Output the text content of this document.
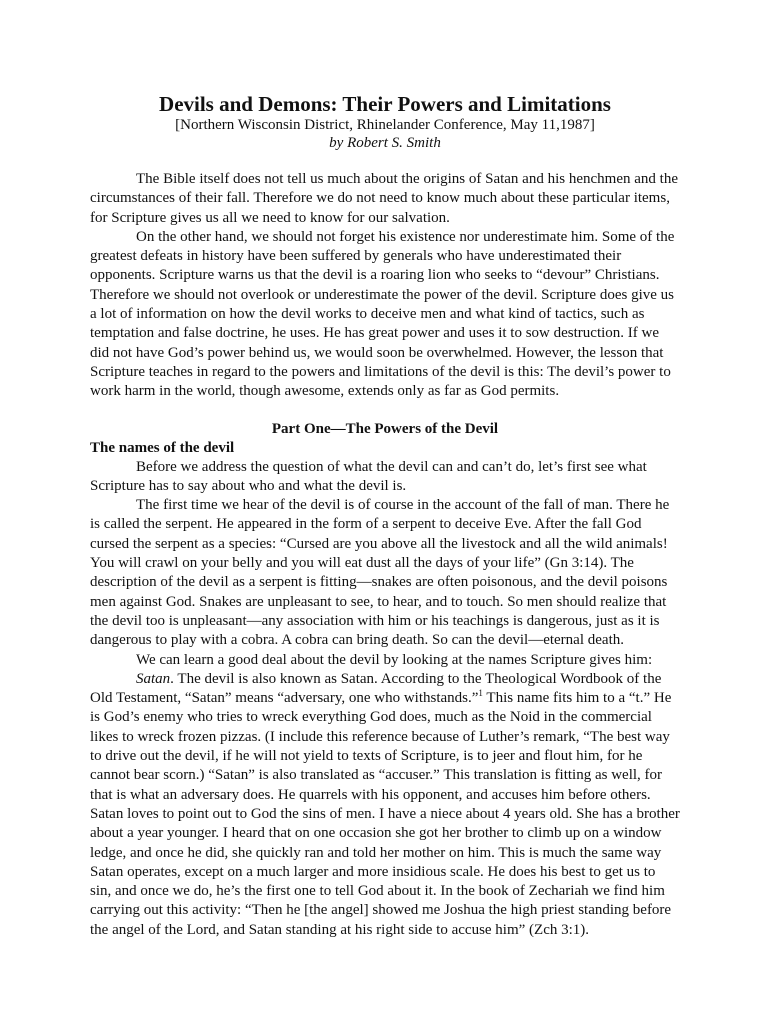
Devils and Demons: Their Powers and Limitations

[Northern Wisconsin District, Rhinelander Conference, May 11,1987]

by Robert S. Smith

The Bible itself does not tell us much about the origins of Satan and his henchmen and the circumstances of their fall. Therefore we do not need to know much about these particular items, for Scripture gives us all we need to know for our salvation.

On the other hand, we should not forget his existence nor underestimate him. Some of the greatest defeats in history have been suffered by generals who have underestimated their opponents. Scripture warns us that the devil is a roaring lion who seeks to “devour” Christians. Therefore we should not overlook or underestimate the power of the devil. Scripture does give us a lot of information on how the devil works to deceive men and what kind of tactics, such as temptation and false doctrine, he uses. He has great power and uses it to sow destruction. If we did not have God’s power behind us, we would soon be overwhelmed. However, the lesson that Scripture teaches in regard to the powers and limitations of the devil is this: The devil’s power to work harm in the world, though awesome, extends only as far as God permits.

Part One—The Powers of the Devil

The names of the devil

Before we address the question of what the devil can and can’t do, let’s first see what Scripture has to say about who and what the devil is.

The first time we hear of the devil is of course in the account of the fall of man. There he is called the serpent. He appeared in the form of a serpent to deceive Eve. After the fall God cursed the serpent as a species: “Cursed are you above all the livestock and all the wild animals! You will crawl on your belly and you will eat dust all the days of your life” (Gn 3:14). The description of the devil as a serpent is fitting—snakes are often poisonous, and the devil poisons men against God. Snakes are unpleasant to see, to hear, and to touch. So men should realize that the devil too is unpleasant—any association with him or his teachings is dangerous, just as it is dangerous to play with a cobra. A cobra can bring death. So can the devil—eternal death.

We can learn a good deal about the devil by looking at the names Scripture gives him:

Satan. The devil is also known as Satan. According to the Theological Wordbook of the Old Testament, “Satan” means “adversary, one who withstands.”$^1$ This name fits him to a “t.” He is God’s enemy who tries to wreck everything God does, much as the Noid in the commercial likes to wreck frozen pizzas. (I include this reference because of Luther’s remark, “The best way to drive out the devil, if he will not yield to texts of Scripture, is to jeer and flout him, for he cannot bear scorn.) “Satan” is also translated as “accuser.” This translation is fitting as well, for that is what an adversary does. He quarrels with his opponent, and accuses him before others. Satan loves to point out to God the sins of men. I have a niece about 4 years old. She has a brother about a year younger. I heard that on one occasion she got her brother to climb up on a window ledge, and once he did, she quickly ran and told her mother on him. This is much the same way Satan operates, except on a much larger and more insidious scale. He does his best to get us to sin, and once we do, he’s the first one to tell God about it. In the book of Zechariah we find him carrying out this activity: “Then he [the angel] showed me Joshua the high priest standing before the angel of the Lord, and Satan standing at his right side to accuse him” (Zch 3:1).
